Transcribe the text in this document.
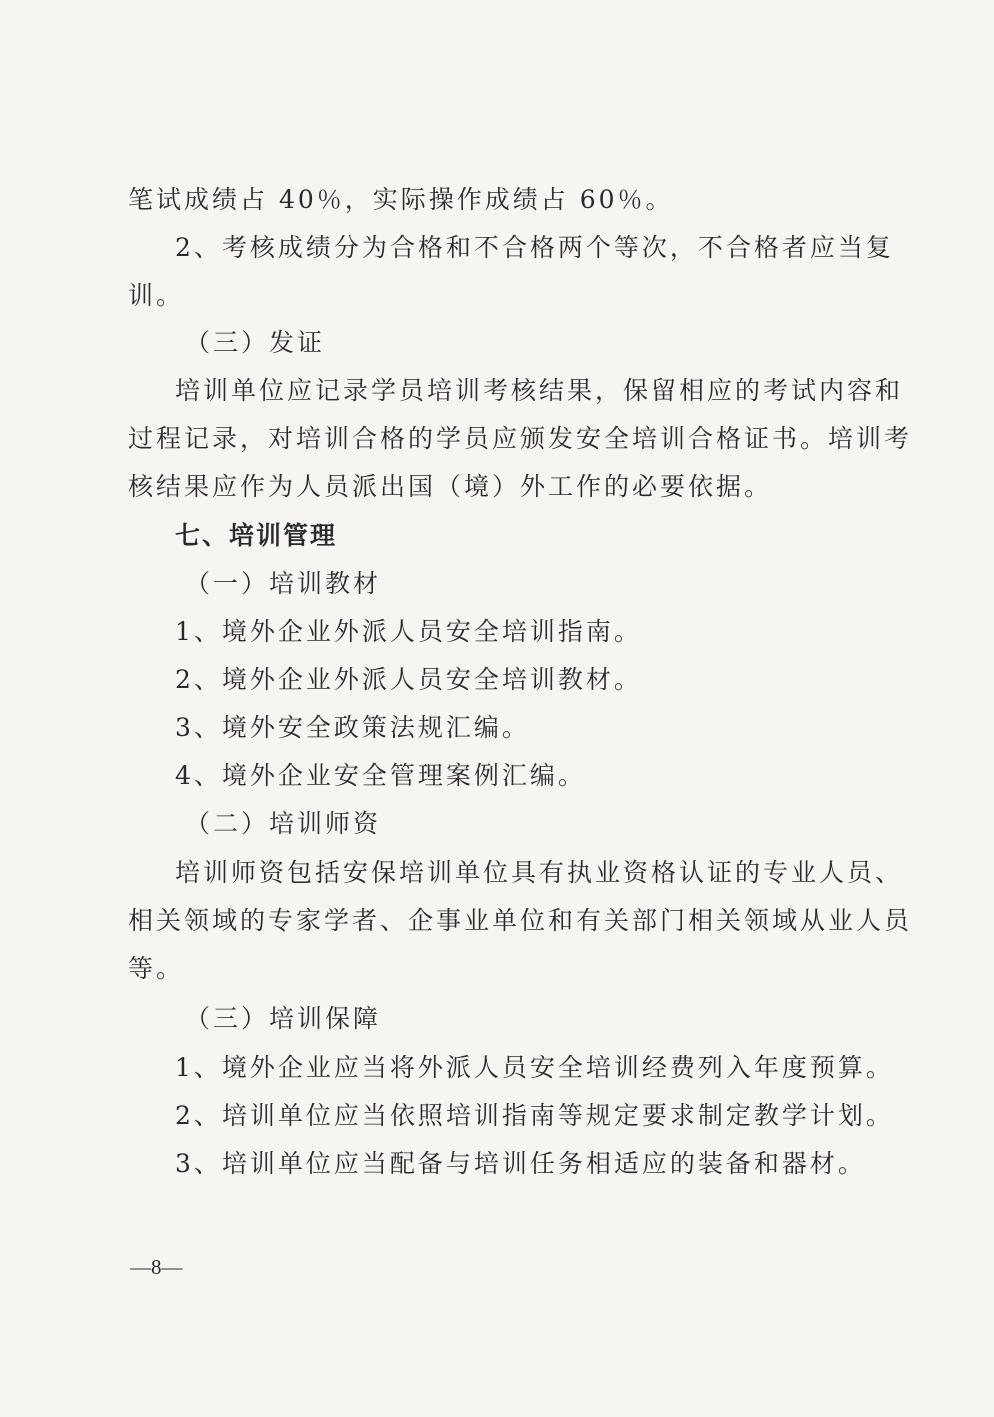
笔试成绩占 40％，实际操作成绩占 60％。
2、考核成绩分为合格和不合格两个等次，不合格者应当复
训。
（三）发证
培训单位应记录学员培训考核结果，保留相应的考试内容和
过程记录，对培训合格的学员应颁发安全培训合格证书。培训考
核结果应作为人员派出国（境）外工作的必要依据。
七、培训管理
（一）培训教材
1、境外企业外派人员安全培训指南。
2、境外企业外派人员安全培训教材。
3、境外安全政策法规汇编。
4、境外企业安全管理案例汇编。
（二）培训师资
培训师资包括安保培训单位具有执业资格认证的专业人员、
相关领域的专家学者、企事业单位和有关部门相关领域从业人员
等。
（三）培训保障
1、境外企业应当将外派人员安全培训经费列入年度预算。
2、培训单位应当依照培训指南等规定要求制定教学计划。
3、培训单位应当配备与培训任务相适应的装备和器材。
—8—
